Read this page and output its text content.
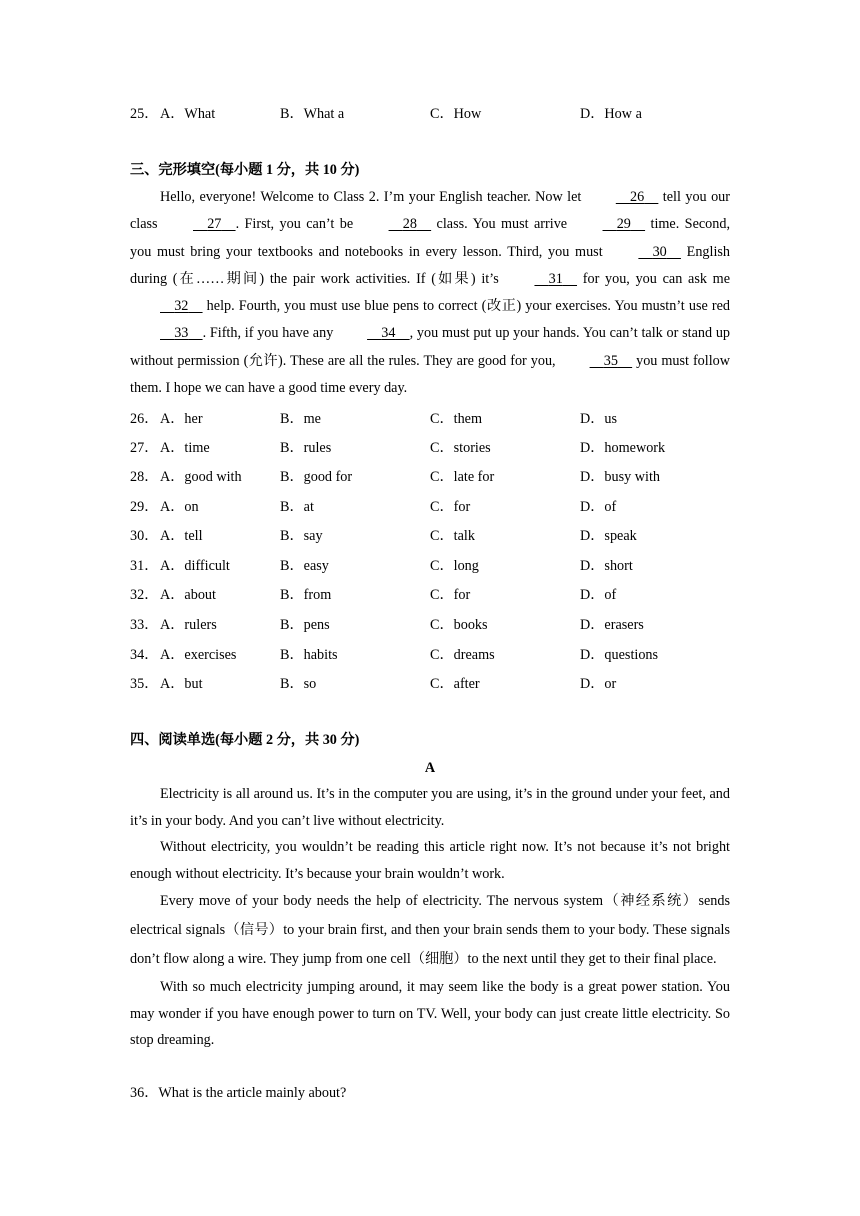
25． A．What	B．What a	C．How	D．How a
三、完形填空(每小题 1 分，共 10 分)

Hello, everyone! Welcome to Class 2. I’m your English teacher. Now let	26     tell you our class	27 . First, you can’t be	28     class. You must arrive	29     time. Second, you must bring your textbooks and notebooks in every lesson. Third, you must	30     English during (在……期间) the pair work activities. If (如果) it’s	31     for you, you can ask me     32     help. Fourth, you must use blue pens to correct (改正) your exercises. You mustn’t use red     33 . Fifth, if you have any	34 , you must put up your hands. You can’t talk or stand up without permission (允许). These are all the rules. They are good for you,	35     you must follow them. I hope we can have a good time every day.

26． A．her	B．me	C．them	D．us
27． A．time	B．rules	C．stories	D．homework
28． A．good with	B．good for	C．late for	D．busy with
29． A．on	B．at	C．for	D．of
30． A．tell	B．say	C．talk	D．speak
31． A．difficult	B．easy	C．long	D．short
32． A．about	B．from	C．for	D．of
33． A．rulers	B．pens	C．books	D．erasers
34． A．exercises	B．habits	C．dreams	D．questions
35． A．but	B．so	C．after	D．or
四、阅读单选(每小题 2 分，共 30 分)
A

Electricity is all around us. It’s in the computer you are using, it’s in the ground under your feet, and it’s in your body. And you can’t live without electricity.

Without electricity, you wouldn’t be reading this article right now. It’s not because it’s not bright enough without electricity. It’s because your brain wouldn’t work.

Every move of your body needs the help of electricity. The nervous system（神经系统）sends electrical signals（信号）to your brain first, and then your brain sends them to your body. These signals don’t flow along a wire. They jump from one cell（细胞）to the next until they get to their final place.

With so much electricity jumping around, it may seem like the body is a great power station. You may wonder if you have enough power to turn on TV. Well, your body can just create little electricity. So stop dreaming.

36．What is the article mainly about?
